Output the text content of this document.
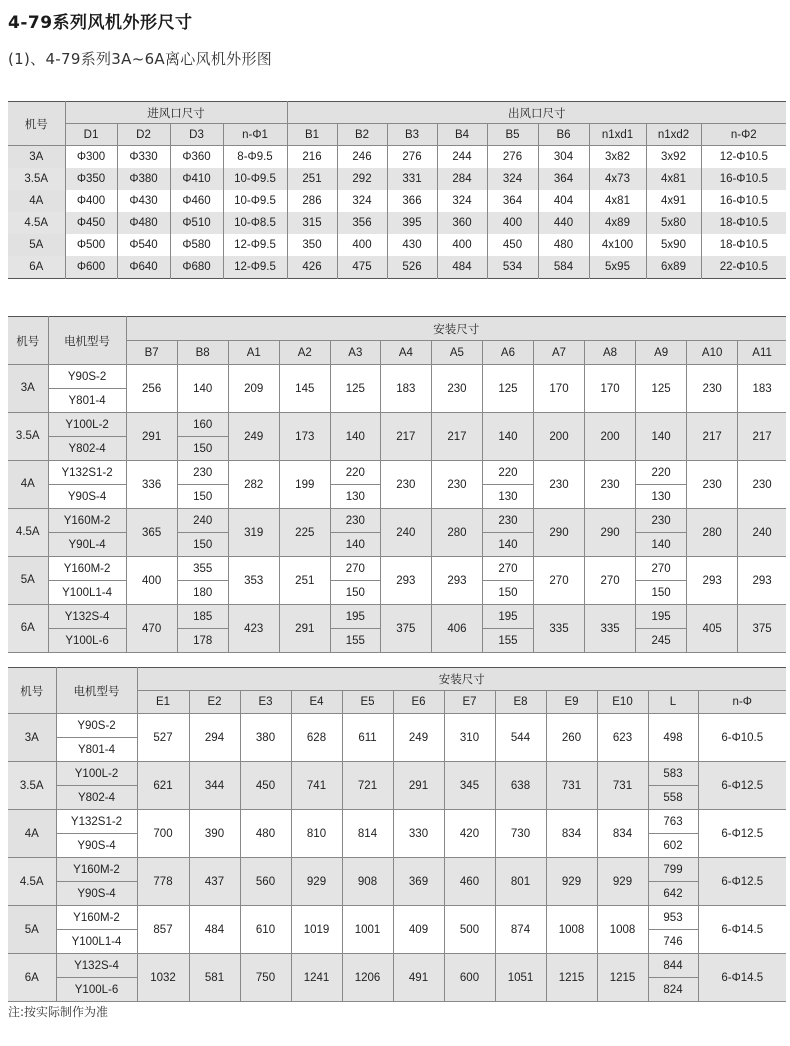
4-79系列风机外形尺寸
(1)、4-79系列3A~6A离心风机外形图
机号	进风口尺寸				出风口尺寸								
	D1	D2	D3	n-Φ1	B1	B2	B3	B4	B5	B6	n1xd1	n1xd2	n-Φ2
3A	Φ300	Φ330	Φ360	8-Φ9.5	216	246	276	244	276	304	3x82	3x92	12-Φ10.5
3.5A	Φ350	Φ380	Φ410	10-Φ9.5	251	292	331	284	324	364	4x73	4x81	16-Φ10.5
4A	Φ400	Φ430	Φ460	10-Φ9.5	286	324	366	324	364	404	4x81	4x91	16-Φ10.5
4.5A	Φ450	Φ480	Φ510	10-Φ8.5	315	356	395	360	400	440	4x89	5x80	18-Φ10.5
5A	Φ500	Φ540	Φ580	12-Φ9.5	350	400	430	400	450	480	4x100	5x90	18-Φ10.5
6A	Φ600	Φ640	Φ680	12-Φ9.5	426	475	526	484	534	584	5x95	6x89	22-Φ10.5
机号	电机型号	安装尺寸												
		B7	B8	A1	A2	A3	A4	A5	A6	A7	A8	A9	A10	A11
3A	Y90S-2	256	140	209	145	125	183	230	125	170	170	125	230	183
	Y801-4													
3.5A	Y100L-2	291	160	249	173	140	217	217	140	200	200	140	217	217
	Y802-4		150											
4A	Y132S1-2	336	230	282	199	220	230	230	220	230	230	220	230	230
	Y90S-4		150			130			130			130		
4.5A	Y160M-2	365	240	319	225	230	240	280	230	290	290	230	280	240
	Y90L-4		150			140			140			140		
5A	Y160M-2	400	355	353	251	270	293	293	270	270	270	270	293	293
	Y100L1-4		180			150			150			150		
6A	Y132S-4	470	185	423	291	195	375	406	195	335	335	195	405	375
	Y100L-6		178			155			155			245		
机号	电机型号	安装尺寸											
		E1	E2	E3	E4	E5	E6	E7	E8	E9	E10	L	n-Φ
3A	Y90S-2	527	294	380	628	611	249	310	544	260	623	498	6-Φ10.5
	Y801-4												
3.5A	Y100L-2	621	344	450	741	721	291	345	638	731	731	583	6-Φ12.5
	Y802-4											558	
4A	Y132S1-2	700	390	480	810	814	330	420	730	834	834	763	6-Φ12.5
	Y90S-4											602	
4.5A	Y160M-2	778	437	560	929	908	369	460	801	929	929	799	6-Φ12.5
	Y90S-4											642	
5A	Y160M-2	857	484	610	1019	1001	409	500	874	1008	1008	953	6-Φ14.5
	Y100L1-4											746	
6A	Y132S-4	1032	581	750	1241	1206	491	600	1051	1215	1215	844	6-Φ14.5
	Y100L-6											824	
注:按实际制作为准
